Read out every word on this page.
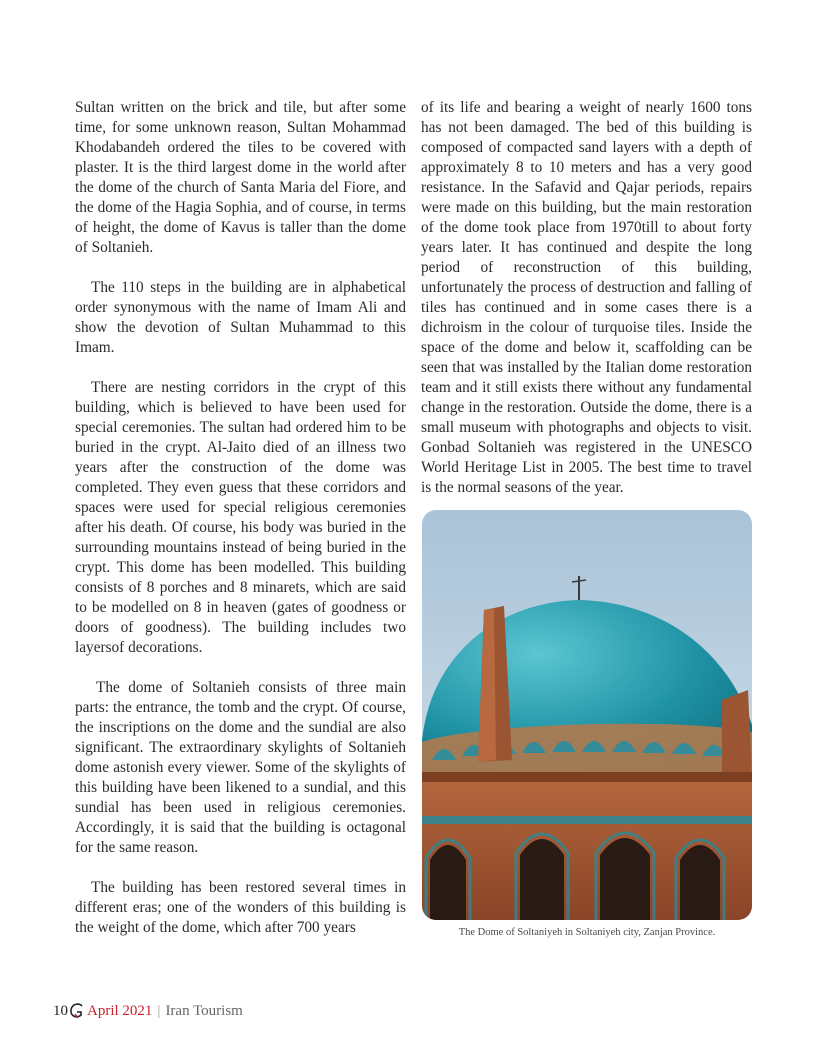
Sultan written on the brick and tile, but after some time, for some unknown reason, Sultan Mohammad Khodabandeh ordered the tiles to be covered with plaster. It is the third largest dome in the world after the dome of the church of Santa Maria del Fiore, and the dome of the Hagia Sophia, and of course, in terms of height, the dome of Kavus is taller than the dome of Soltanieh.

The 110 steps in the building are in alphabetical order synonymous with the name of Imam Ali and show the devotion of Sultan Muhammad to this Imam.

There are nesting corridors in the crypt of this building, which is believed to have been used for special ceremonies. The sultan had ordered him to be buried in the crypt. Al-Jaito died of an illness two years after the construction of the dome was completed. They even guess that these corridors and spaces were used for special religious ceremonies after his death. Of course, his body was buried in the surrounding mountains instead of being buried in the crypt. This dome has been modelled. This building consists of 8 porches and 8 minarets, which are said to be modelled on 8 in heaven (gates of goodness or doors of goodness). The building includes two layersof decorations.

The dome of Soltanieh consists of three main parts: the entrance, the tomb and the crypt. Of course, the inscriptions on the dome and the sundial are also significant. The extraordinary skylights of Soltanieh dome astonish every viewer. Some of the skylights of this building have been likened to a sundial, and this sundial has been used in religious ceremonies. Accordingly, it is said that the building is octagonal for the same reason.

The building has been restored several times in different eras; one of the wonders of this building is the weight of the dome, which after 700 years

of its life and bearing a weight of nearly 1600 tons has not been damaged. The bed of this building is composed of compacted sand layers with a depth of approximately 8 to 10 meters and has a very good resistance. In the Safavid and Qajar periods, repairs were made on this building, but the main restoration of the dome took place from 1970till to about forty years later. It has continued and despite the long period of reconstruction of this building, unfortunately the process of destruction and falling of tiles has continued and in some cases there is a dichroism in the colour of turquoise tiles. Inside the space of the dome and below it, scaffolding can be seen that was installed by the Italian dome restoration team and it still exists there without any fundamental change in the restoration. Outside the dome, there is a small museum with photographs and objects to visit. Gonbad Soltanieh was registered in the UNESCO World Heritage List in 2005. The best time to travel is the normal seasons of the year.

The Dome of Soltaniyeh in Soltaniyeh city, Zanjan Province.
10 April 2021 | Iran Tourism
